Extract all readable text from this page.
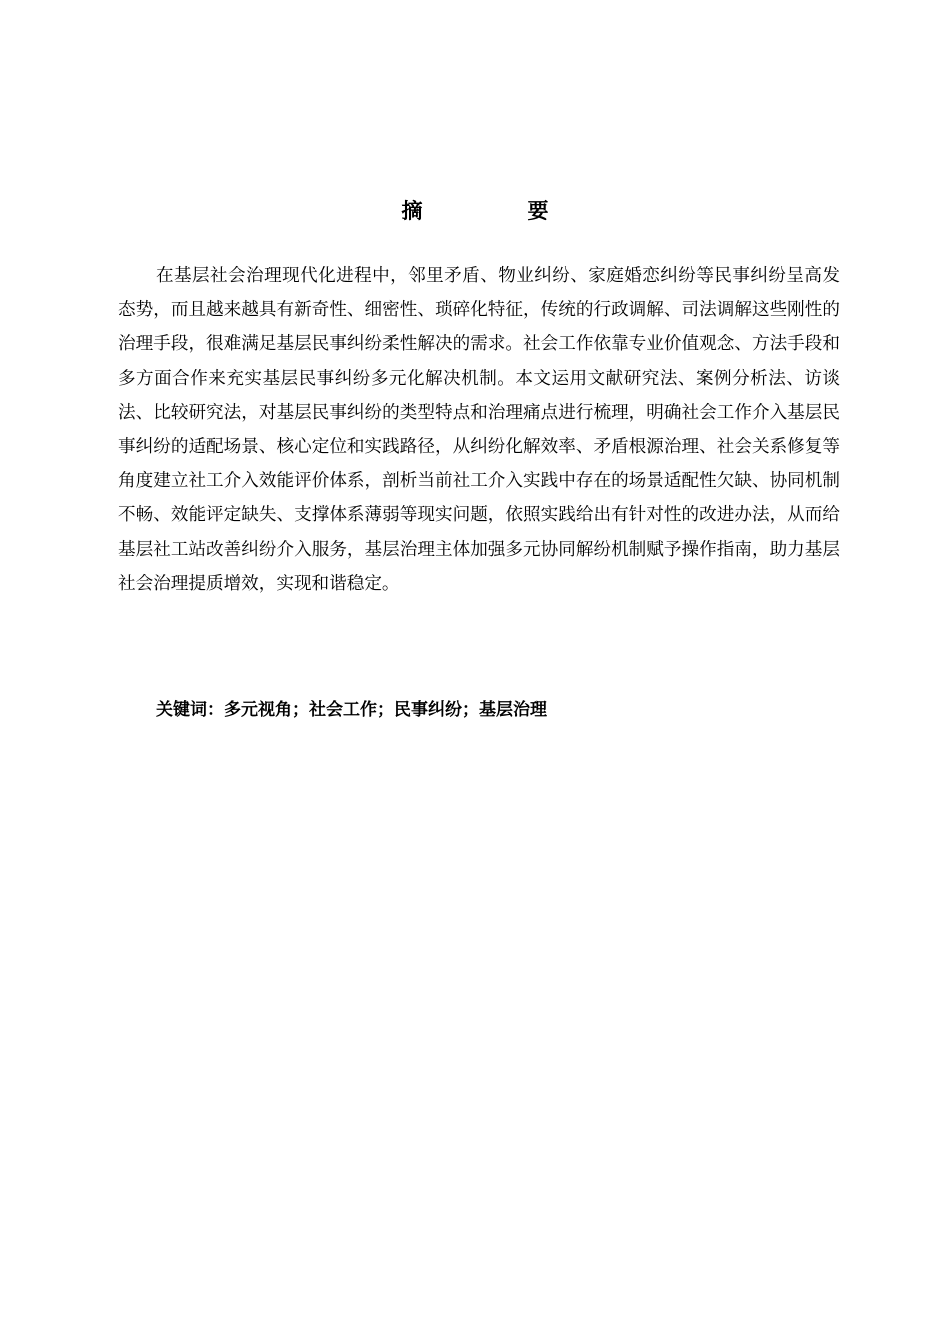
摘　要

在基层社会治理现代化进程中，邻里矛盾、物业纠纷、家庭婚恋纠纷等民事纠纷呈高发态势，而且越来越具有新奇性、细密性、琐碎化特征，传统的行政调解、司法调解这些刚性的治理手段，很难满足基层民事纠纷柔性解决的需求。社会工作依靠专业价值观念、方法手段和多方面合作来充实基层民事纠纷多元化解决机制。本文运用文献研究法、案例分析法、访谈法、比较研究法，对基层民事纠纷的类型特点和治理痛点进行梳理，明确社会工作介入基层民事纠纷的适配场景、核心定位和实践路径，从纠纷化解效率、矛盾根源治理、社会关系修复等角度建立社工介入效能评价体系，剖析当前社工介入实践中存在的场景适配性欠缺、协同机制不畅、效能评定缺失、支撑体系薄弱等现实问题，依照实践给出有针对性的改进办法，从而给基层社工站改善纠纷介入服务，基层治理主体加强多元协同解纷机制赋予操作指南，助力基层社会治理提质增效，实现和谐稳定。

关键词：多元视角；社会工作；民事纠纷；基层治理
